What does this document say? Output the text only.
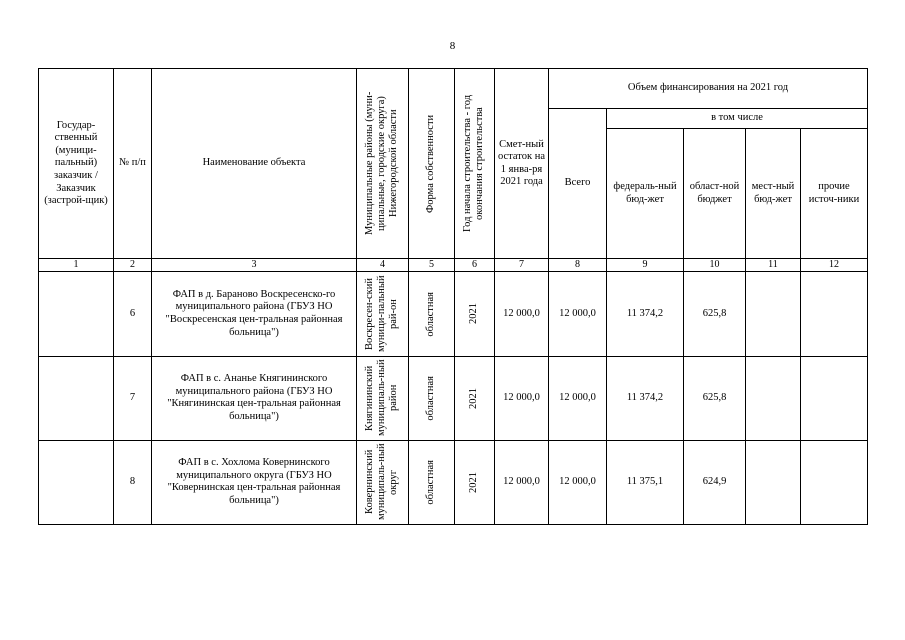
8
Государ-ственный (муници-пальный) заказчик / Заказчик (застрой-щик)	№ п/п	Наименование объекта	Муниципальные районы (муни-ципальные, городские округа) Нижегородской области	Форма собственности	Год начала строительства - год окончания строительства	Смет-ный остаток на 1 янва-ря 2021 года	Объем финансирования на 2021 год				
							Всего	в том числе			
								федераль-ный бюд-жет	област-ной бюджет	мест-ный бюд-жет	прочие источ-ники
1	2	3	4	5	6	7	8	9	10	11	12
	6	ФАП в д. Бараново Воскресенско-го муниципального района (ГБУЗ НО "Воскресенская цен-тральная районная больница")	Воскресен-ский муници-пальный рай-он	областная	2021	12 000,0	12 000,0	11 374,2	625,8		
	7	ФАП в с. Ананье Княгининского муниципального района (ГБУЗ НО "Княгининская цен-тральная районная больница")	Княгининский муниципаль-ный район	областная	2021	12 000,0	12 000,0	11 374,2	625,8		
	8	ФАП в с. Хохлома Ковернинского муниципального округа (ГБУЗ НО "Ковернинская цен-тральная районная больница")	Ковернинский муниципаль-ный округ	областная	2021	12 000,0	12 000,0	11 375,1	624,9		
